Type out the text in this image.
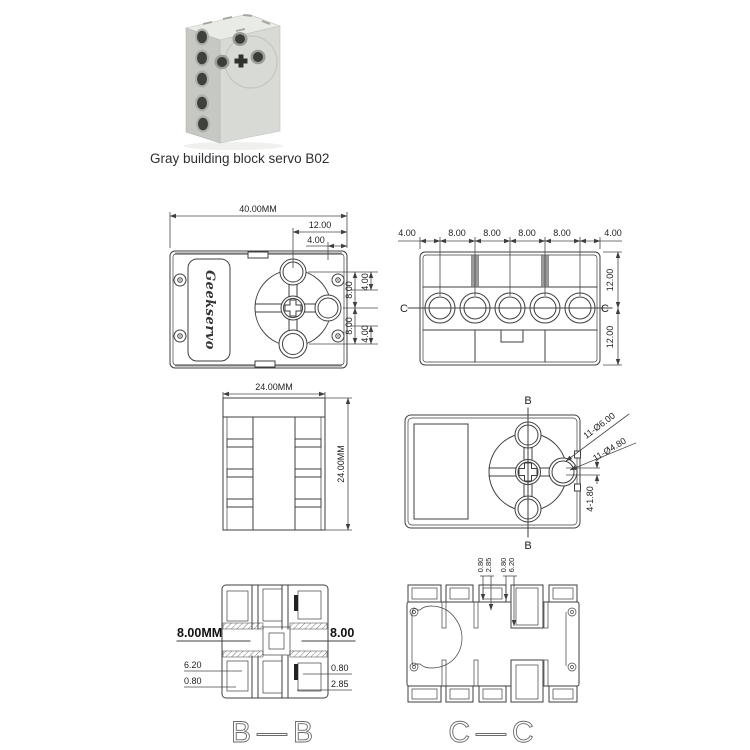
Gray building block servo B02
Geekservo
40.00MM
12.00
4.00
8.00
8.00
4.00
4.00
C	C
4.00	8.00 8.00 8.00 8.00	4.00
12.00
12.00
24.00MM
24.00MM
B
B
11-Ø6.00
11-Ø4.80
4-1.80
8.00MM	8.00
6.20
0.80
0.80
2.85
B—B
0.80 2.85 0.80 6.20
C—C
